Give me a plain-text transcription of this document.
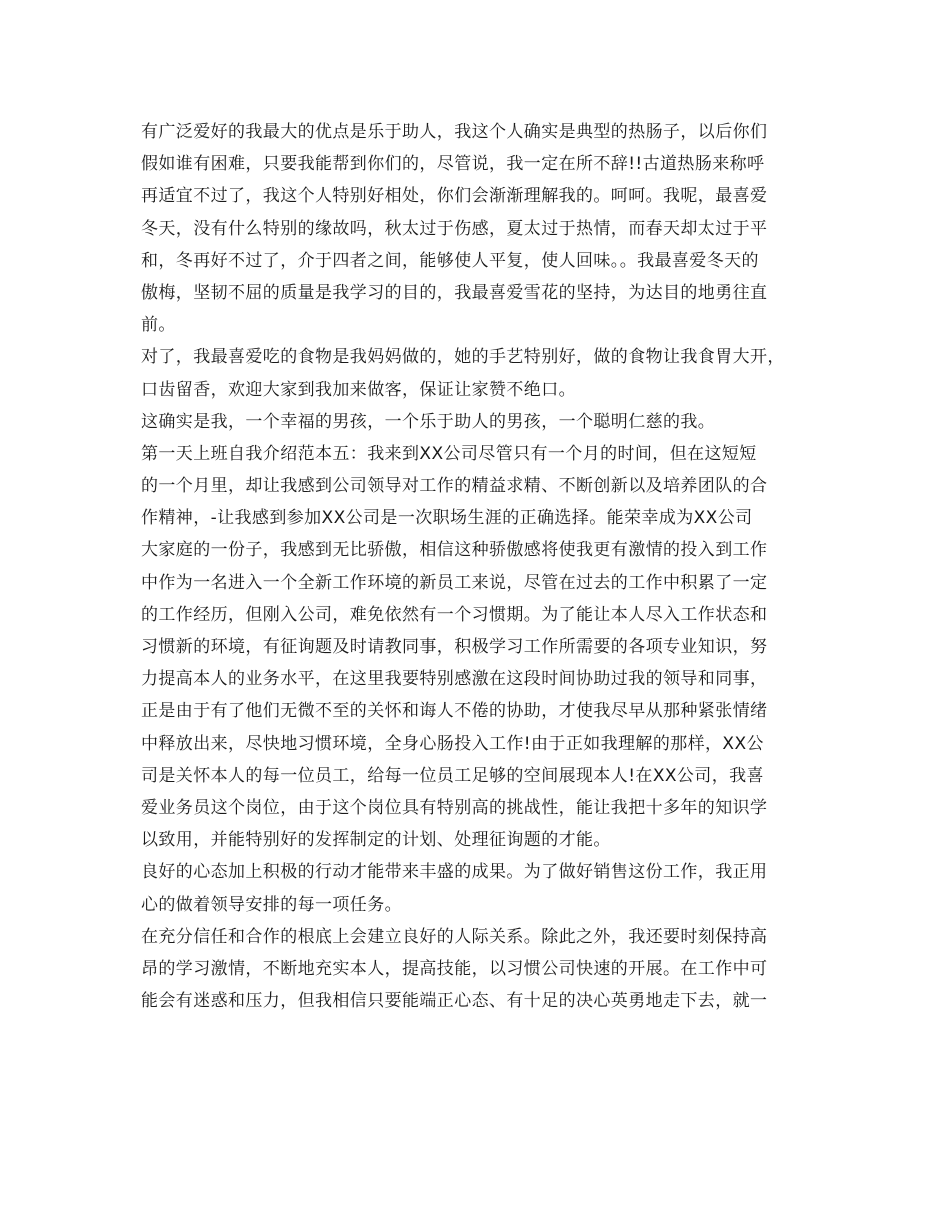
有广泛爱好的我最大的优点是乐于助人，我这个人确实是典型的热肠子，以后你们
假如谁有困难，只要我能帮到你们的，尽管说，我一定在所不辞!!古道热肠来称呼
再适宜不过了，我这个人特别好相处，你们会渐渐理解我的。呵呵。我呢，最喜爱
冬天，没有什么特别的缘故吗，秋太过于伤感，夏太过于热情，而春天却太过于平
和，冬再好不过了，介于四者之间，能够使人平复，使人回味。。我最喜爱冬天的
傲梅，坚韧不屈的质量是我学习的目的，我最喜爱雪花的坚持，为达目的地勇往直
前。
对了，我最喜爱吃的食物是我妈妈做的，她的手艺特别好，做的食物让我食胃大开，
口齿留香，欢迎大家到我加来做客，保证让家赞不绝口。
这确实是我，一个幸福的男孩，一个乐于助人的男孩，一个聪明仁慈的我。
第一天上班自我介绍范本五：我来到XX公司尽管只有一个月的时间，但在这短短
的一个月里，却让我感到公司领导对工作的精益求精、不断创新以及培养团队的合
作精神，-让我感到参加XX公司是一次职场生涯的正确选择。能荣幸成为XX公司
大家庭的一份子，我感到无比骄傲，相信这种骄傲感将使我更有激情的投入到工作
中作为一名进入一个全新工作环境的新员工来说，尽管在过去的工作中积累了一定
的工作经历，但刚入公司，难免依然有一个习惯期。为了能让本人尽入工作状态和
习惯新的环境，有征询题及时请教同事，积极学习工作所需要的各项专业知识，努
力提高本人的业务水平，在这里我要特别感激在这段时间协助过我的领导和同事，
正是由于有了他们无微不至的关怀和诲人不倦的协助，才使我尽早从那种紧张情绪
中释放出来，尽快地习惯环境，全身心肠投入工作!由于正如我理解的那样，XX公
司是关怀本人的每一位员工，给每一位员工足够的空间展现本人!在XX公司，我喜
爱业务员这个岗位，由于这个岗位具有特别高的挑战性，能让我把十多年的知识学
以致用，并能特别好的发挥制定的计划、处理征询题的才能。
良好的心态加上积极的行动才能带来丰盛的成果。为了做好销售这份工作，我正用
心的做着领导安排的每一项任务。
在充分信任和合作的根底上会建立良好的人际关系。除此之外，我还要时刻保持高
昂的学习激情，不断地充实本人，提高技能，以习惯公司快速的开展。在工作中可
能会有迷惑和压力，但我相信只要能端正心态、有十足的决心英勇地走下去，就一
